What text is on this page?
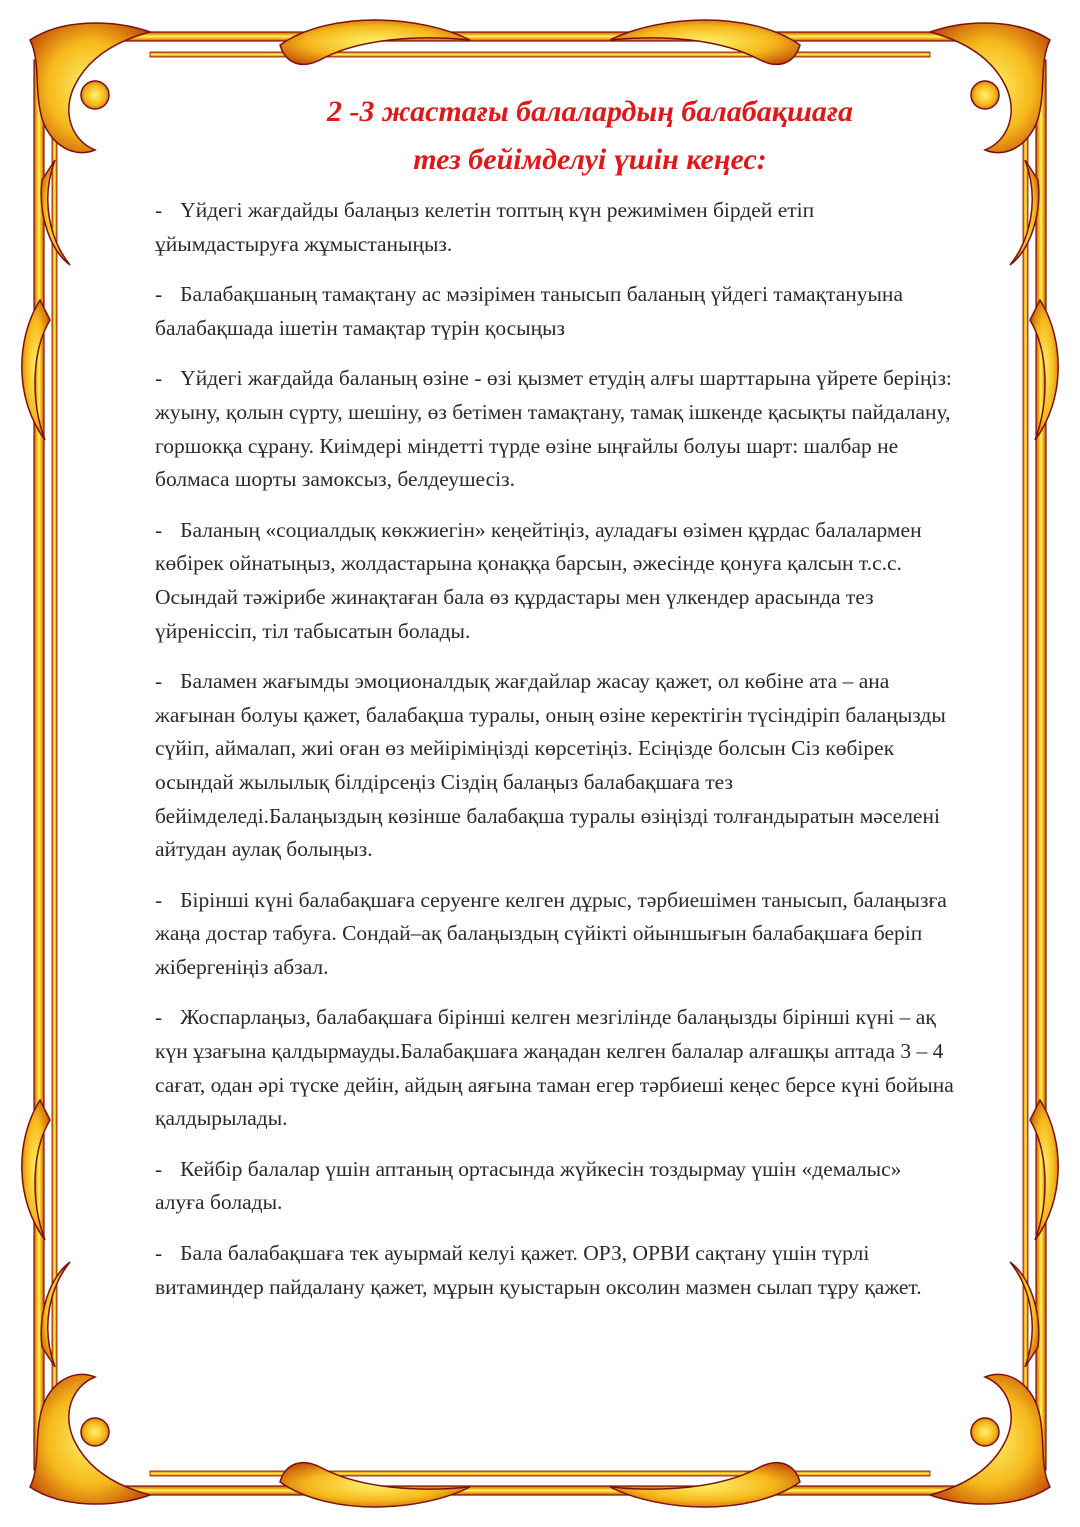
2 -3 жастағы балалардың балабақшаға
тез бейімделуі үшін кеңес:
- Үйдегі жағдайды балаңыз келетін топтың күн режимімен бірдей етіп ұйымдастыруға жұмыстаныңыз.
- Балабақшаның тамақтану ас мәзірімен танысып баланың үйдегі тамақтануына балабақшада ішетін тамақтар түрін қосыңыз
- Үйдегі жағдайда баланың өзіне - өзі қызмет етудің алғы шарттарына үйрете беріңіз: жуыну, қолын сүрту, шешіну, өз бетімен тамақтану, тамақ ішкенде қасықты пайдалану, горшокқа сұрану. Киімдері міндетті түрде өзіне ыңғайлы болуы шарт: шалбар не болмаса шорты замоксыз, белдеушесіз.
- Баланың «социалдық көкжиегін» кеңейтіңіз, ауладағы өзімен құрдас балалармен көбірек ойнатыңыз, жолдастарына қонаққа барсын, әжесінде қонуға қалсын т.с.с. Осындай тәжірибе жинақтаған бала өз құрдастары мен үлкендер арасында тез үйреніссіп, тіл табысатын болады.
- Баламен жағымды эмоционалдық жағдайлар жасау қажет, ол көбіне ата – ана жағынан болуы қажет, балабақша туралы, оның өзіне керектігін түсіндіріп балаңызды сүйіп, аймалап, жиі оған өз мейіріміңізді көрсетіңіз. Есіңізде болсын Сіз көбірек осындай жылылық білдірсеңіз Сіздің балаңыз балабақшаға тез бейімделеді.Балаңыздың көзінше балабақша туралы өзіңізді толғандыратын мәселені айтудан аулақ болыңыз.
- Бірінші күні балабақшаға серуенге келген дұрыс, тәрбиешімен танысып, балаңызға жаңа достар табуға. Сондай–ақ балаңыздың сүйікті ойыншығын балабақшаға беріп жібергеніңіз абзал.
- Жоспарлаңыз, балабақшаға бірінші келген мезгілінде балаңызды бірінші күні – ақ күн ұзағына қалдырмауды.Балабақшаға жаңадан келген балалар алғашқы аптада 3 – 4 сағат, одан әрі түске дейін, айдың аяғына таман егер тәрбиеші кеңес берсе күні бойына қалдырылады.
- Кейбір балалар үшін аптаның ортасында жүйкесін тоздырмау үшін «демалыс» алуға болады.
- Бала балабақшаға тек ауырмай келуі қажет. ОРЗ, ОРВИ сақтану үшін түрлі витаминдер пайдалану қажет, мұрын қуыстарын оксолин мазмен сылап тұру қажет.
